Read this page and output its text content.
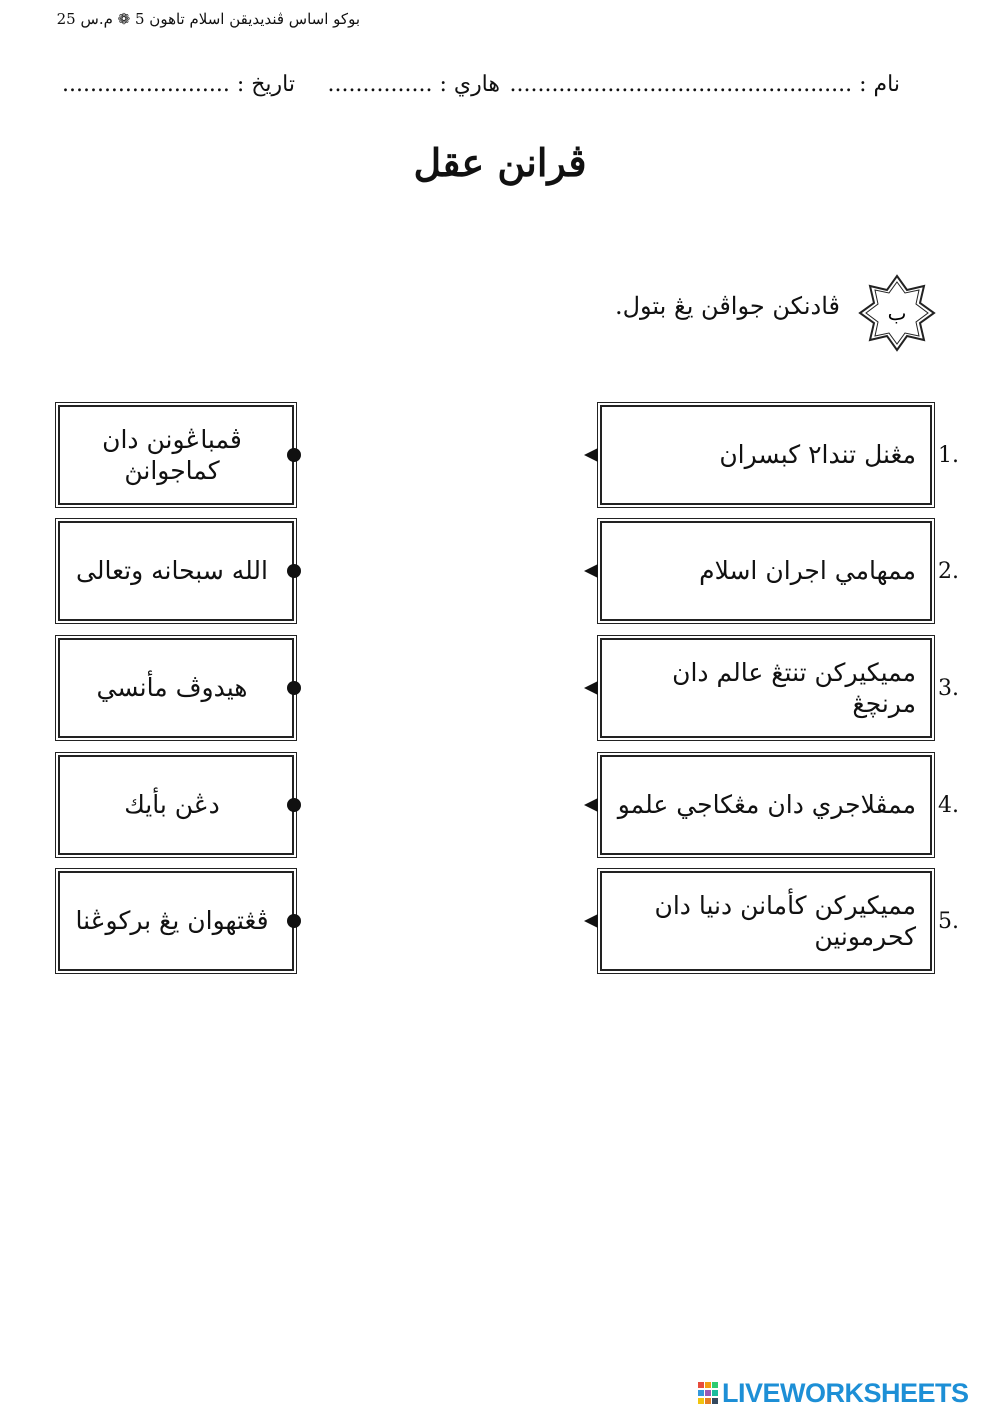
بوكو اساس ڤنديديقن اسلام تاهون 5 ❁ م.س 25
نام : .................................................
هاري : ...............
تاريخ : ........................
ڤرانن عقل
ب
ڤادنكن جواڤن يڠ بتول.
مڠنل تندا٢ كبسران 1.
ممهامي اجران اسلام 2.
مميكيركن تنتڠ عالم دان مرنچڠ
3.
ممڤلاجري دان مڠكاجي علمو 4.
مميكيركن كأمانن دنيا دان كحرمونين
5.
ڤمباڠونن دان كماجوانڽ
الله سبحانه وتعالى
هيدوڤ مأنسي
دڠن بأيك
ڤڠتهوان يڠ بركوڠنا
LIVEWORKSHEETS
